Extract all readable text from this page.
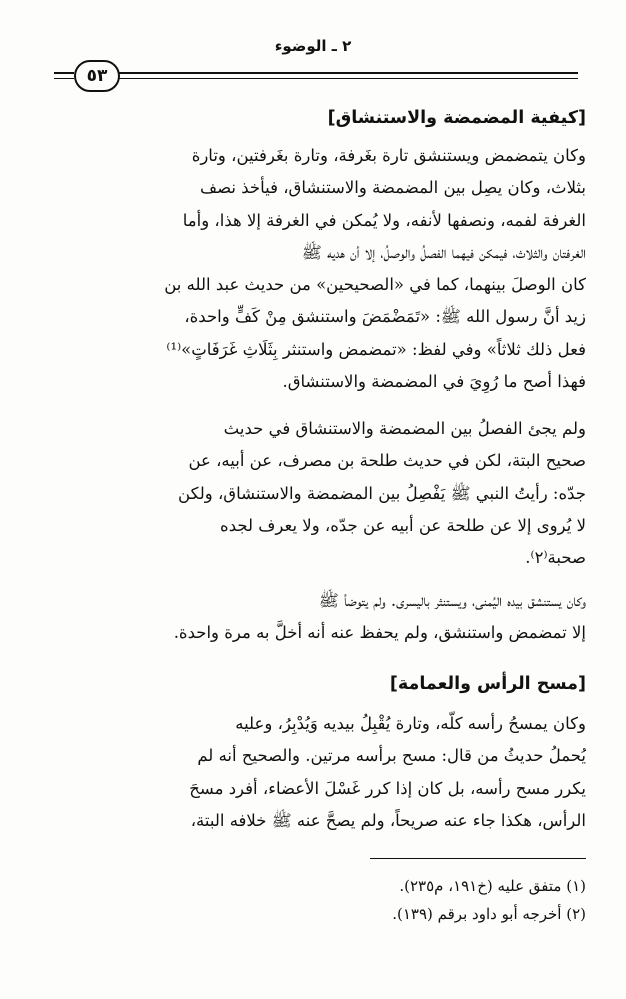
٢ ـ الوضوء
٥٣
[كيفية المضمضة والاستنشاق]
وكان يتمضمض ويستنشق تارة بغَرفة، وتارة بغَرفتين، وتارة
بثلاث، وكان يصِل بين المضمضة والاستنشاق، فيأخذ نصف
الغرفة لفمه، ونصفها لأنفه، ولا يُمكن في الغرفة إلا هذا، وأما
الغرفتان والثلاث، فيمكن فيهما الفصلُ والوصلُ، إلا أن هديه ﷺ
كان الوصلَ بينهما، كما في «الصحيحين» من حديث عبد الله بن
زيد أنَّ رسول الله ﷺ: «تَمَضْمَضَ واستنشق مِنْ كَفٍّ واحدة،
فعل ذلك ثلاثاً» وفي لفظ: «تمضمض واستنثر بِثَلَاثِ غَرَفَاتٍ»⁽¹⁾
فهذا أصح ما رُوِيَ في المضمضة والاستنشاق.
ولم يجئ الفصلُ بين المضمضة والاستنشاق في حديث
صحيح البتة، لكن في حديث طلحة بن مصرف، عن أبيه، عن
جدّه: رأيتُ النبي ﷺ يَفْصِلُ بين المضمضة والاستنشاق، ولكن
لا يُروى إلا عن طلحة عن أبيه عن جدّه، ولا يعرف لجده
صحبة⁽٢⁾.
وكان يستنشق بيده اليُمنى، ويستنثر باليسرى. ولم يتوضأ ﷺ
إلا تمضمض واستنشق، ولم يحفظ عنه أنه أخلَّ به مرة واحدة.
[مسح الرأس والعمامة]
وكان يمسحُ رأسه كلّه، وتارة يُقْبِلُ بيديه وَيُدْبِرُ، وعليه
يُحملُ حديثُ من قال: مسح برأسه مرتين. والصحيح أنه لم
يكرر مسح رأسه، بل كان إذا كرر غَسْلَ الأعضاء، أفرد مسحَ
الرأس، هكذا جاء عنه صريحاً، ولم يصحَّ عنه ﷺ خلافه البتة،
(١) متفق عليه (خ١٩١، م٢٣٥).
(٢) أخرجه أبو داود برقم (١٣٩).
